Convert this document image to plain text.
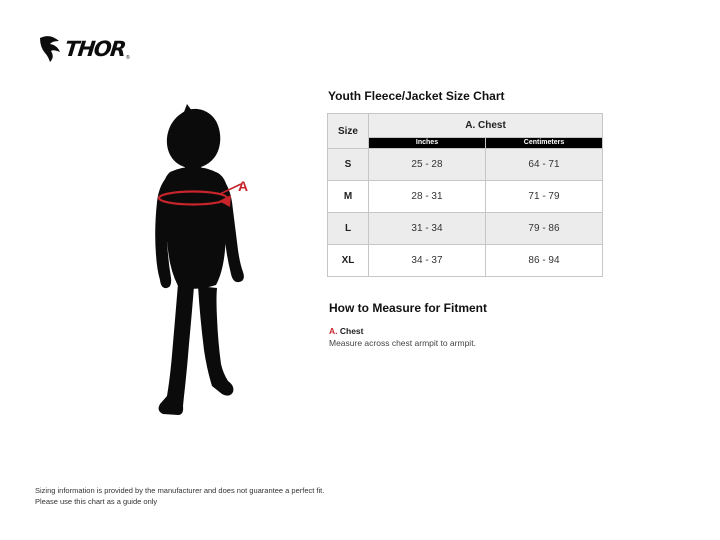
THOR ®
A
Youth Fleece/Jacket Size Chart
Size	A. Chest	
	Inches	Centimeters
S	25 - 28	64 - 71
M	28 - 31	71 - 79
L	31 - 34	79 - 86
XL	34 - 37	86 - 94

How to Measure for Fitment

A. Chest

Measure across chest armpit to armpit.

Sizing information is provided by the manufacturer and does not guarantee a perfect fit.
Please use this chart as a guide only
